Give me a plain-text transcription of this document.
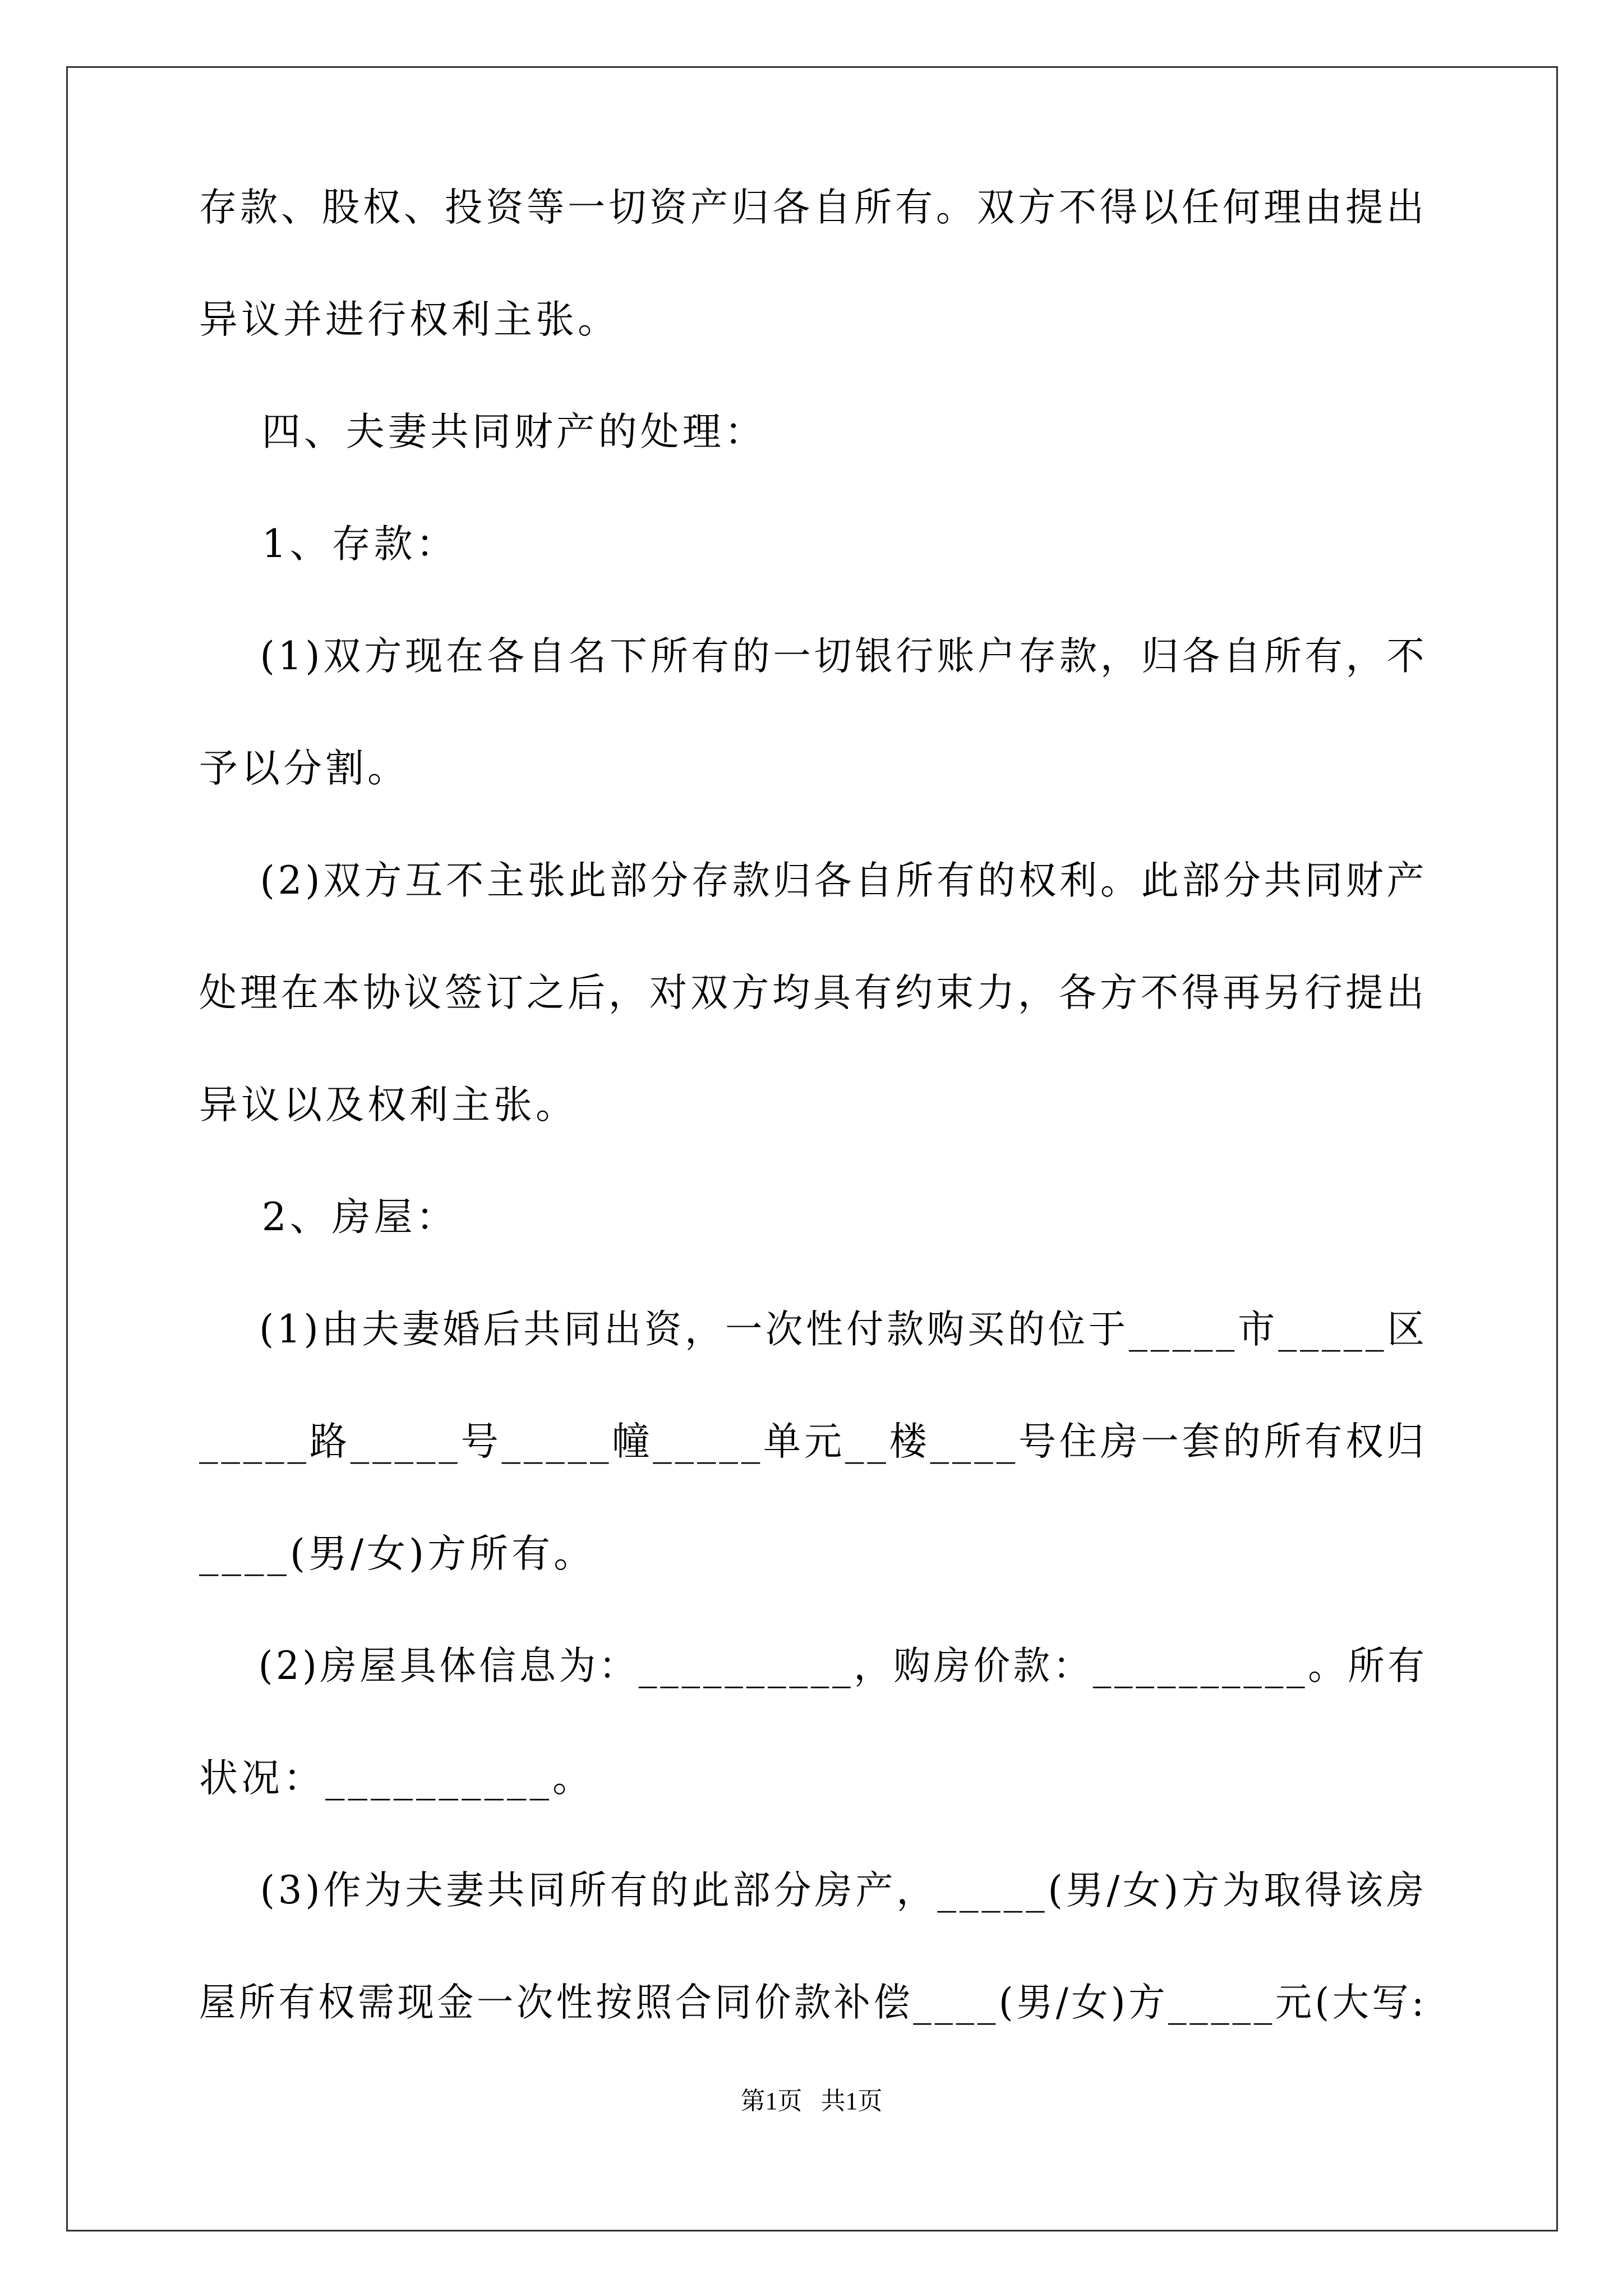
存款、股权、投资等一切资产归各自所有。双方不得以任何理由提出
异议并进行权利主张。
四、夫妻共同财产的处理：
1、存款：
(1)双方现在各自名下所有的一切银行账户存款，归各自所有，不
予以分割。
(2)双方互不主张此部分存款归各自所有的权利。此部分共同财产
处理在本协议签订之后，对双方均具有约束力，各方不得再另行提出
异议以及权利主张。
2、房屋：
(1)由夫妻婚后共同出资，一次性付款购买的位于_____市_____区
_____路_____号_____幢_____单元__楼____号住房一套的所有权归
____(男/女)方所有。
(2)房屋具体信息为：__________，购房价款：__________。所有
状况：__________。
(3)作为夫妻共同所有的此部分房产，_____(男/女)方为取得该房
屋所有权需现金一次性按照合同价款补偿____(男/女)方_____元(大写:
第1页   共1页
